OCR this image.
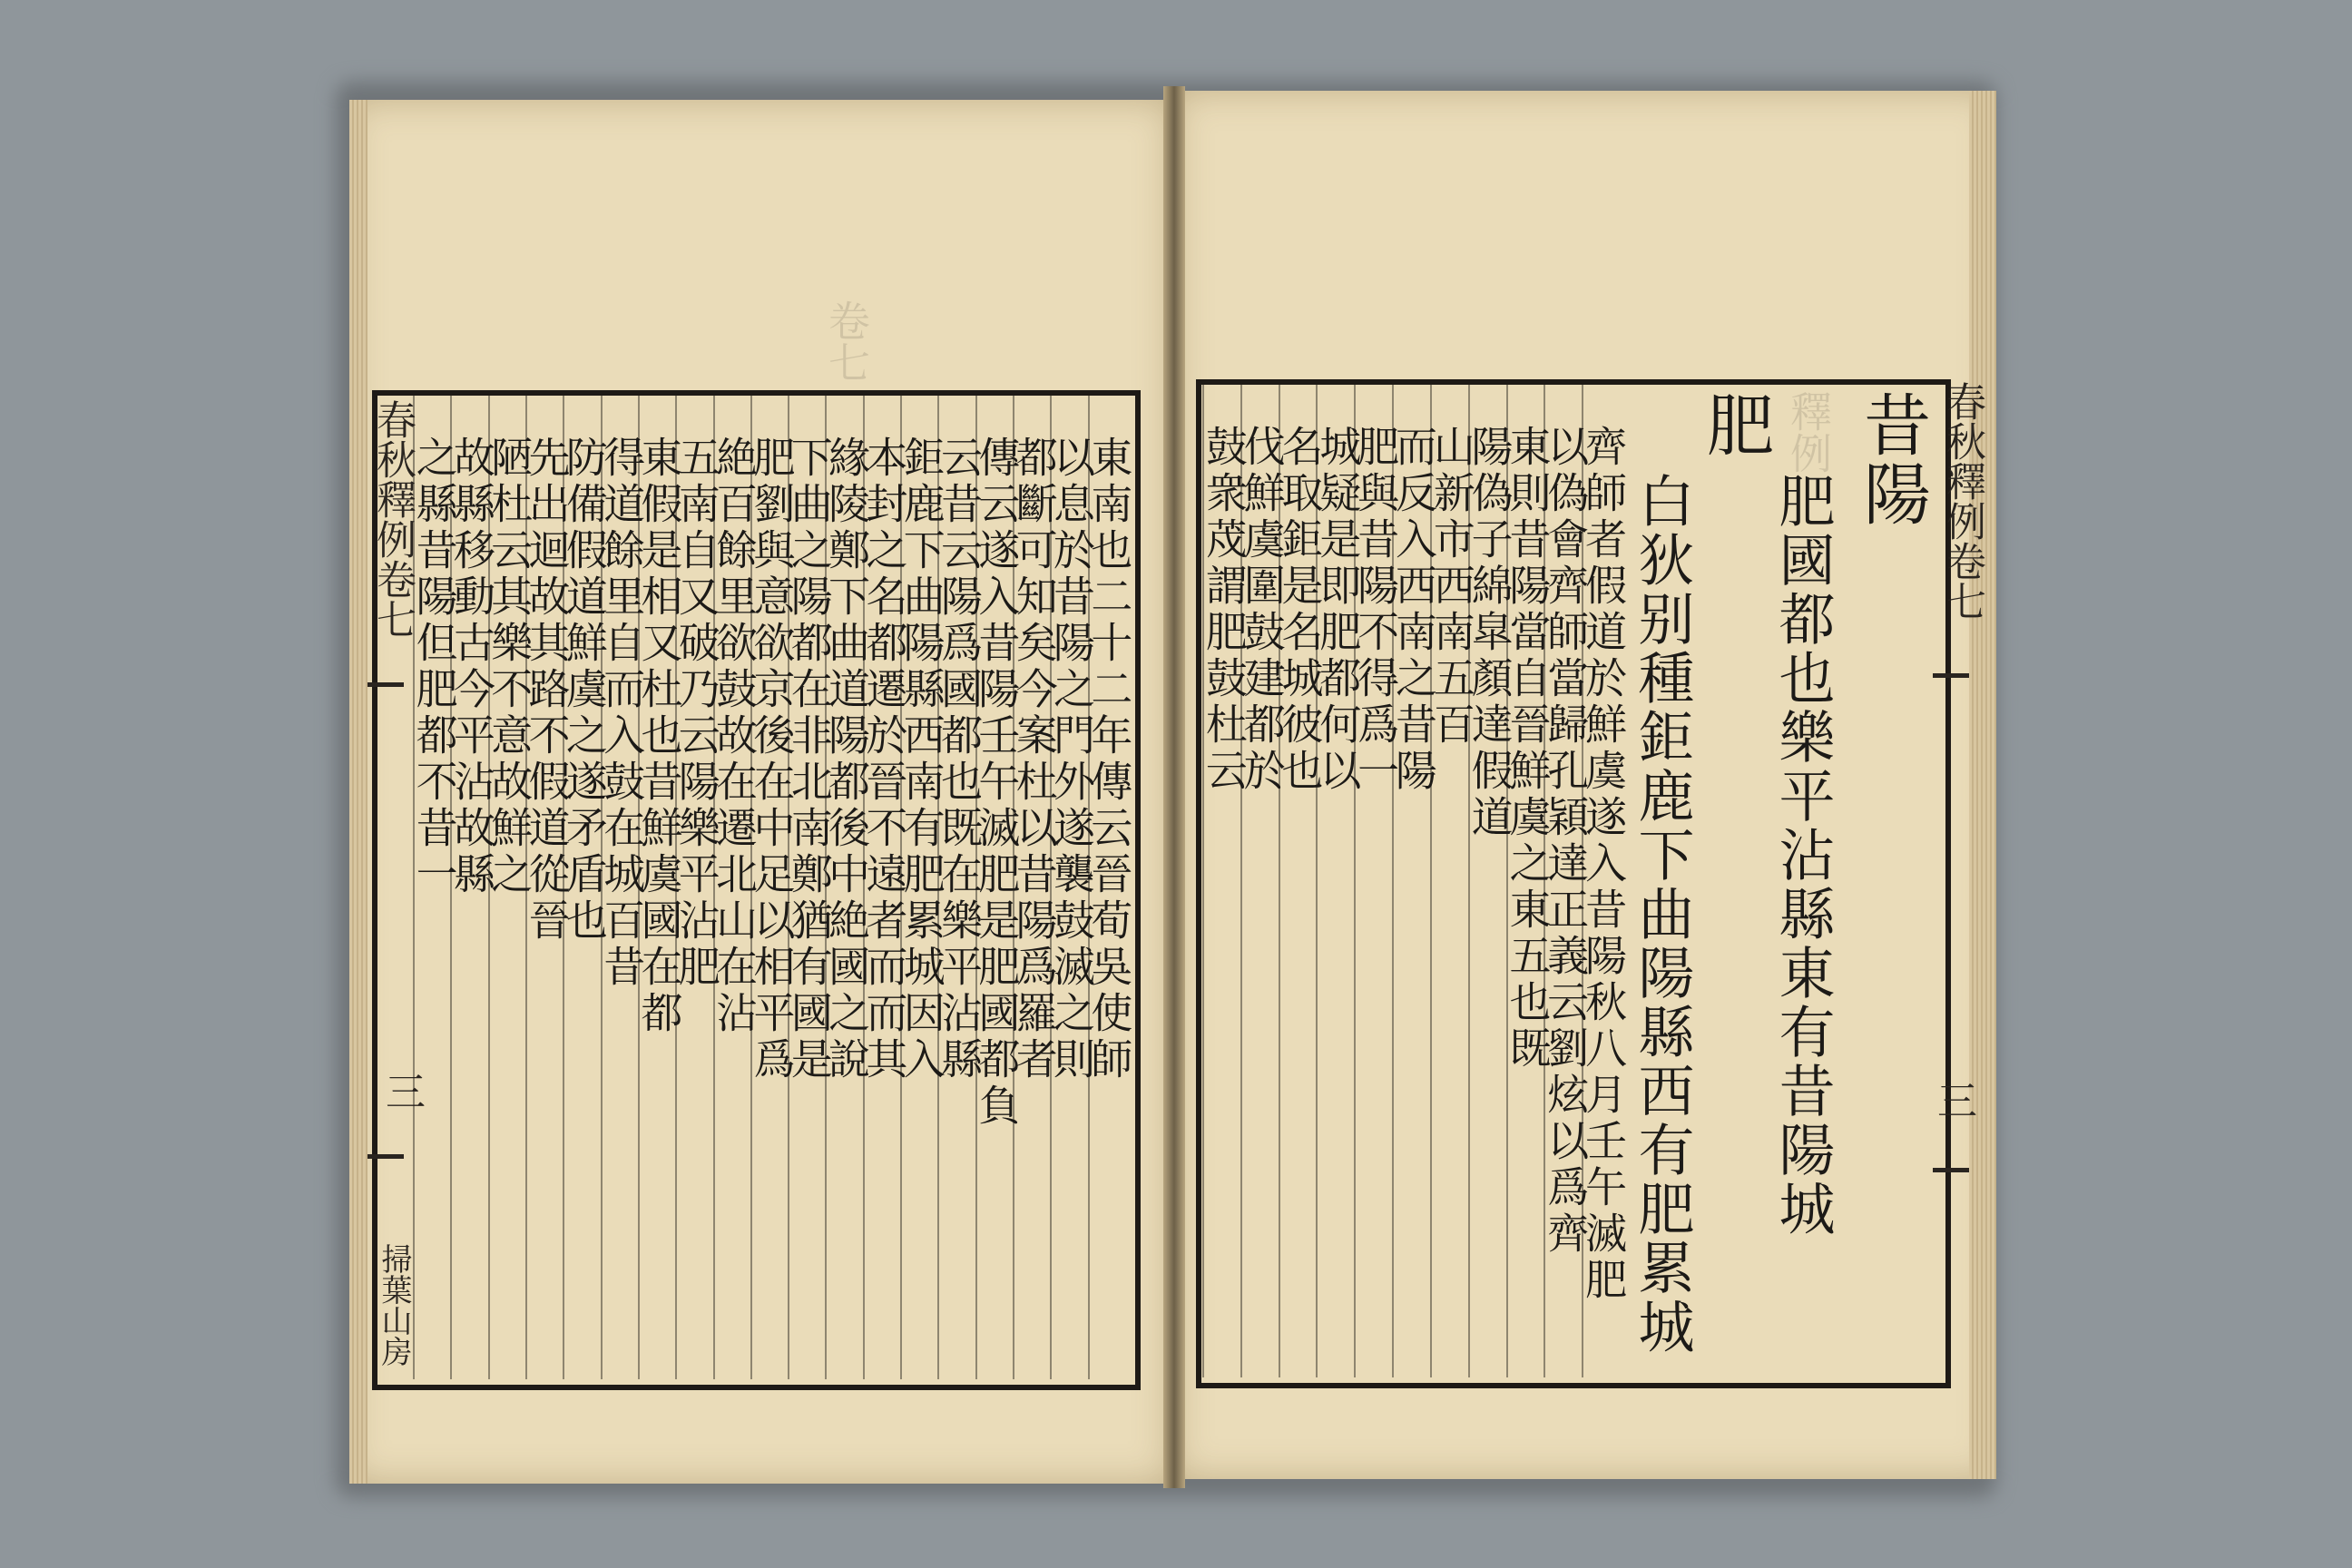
卷七
釋例
春秋釋例卷七
三
掃葉山房
東南也二十二年傳云晉荀吳使師
以息於昔陽之門外遂襲鼓滅之則
都斷可知矣今案杜以昔陽爲羅者
傳云遂入昔陽壬午滅肥是肥國都負
云昔云陽爲國都也既在樂平沾縣
鉅鹿下曲陽縣西南有肥累城因入
本封之名都遷於晉不遠者而而其
緣陵鄭下曲道陽都後中絶國之說
下曲之陽都在非北南鄭猶有國是
肥劉與意欲京後在中足以相平爲
絶百餘里欲鼓故在遷北山在沾
五南自又破乃云陽樂平沾肥
東假是相又杜也昔鮮虞國在都
得道餘里自而入鼓在城百昔
防備假道鮮虞之遂矛盾也
先出迴故其路不假道從晉
陋杜云其樂不意故鮮之
故縣移動古今平沾故縣
之縣昔陽但肥都不昔一	春秋釋例卷七
三
昔陽
肥國都也樂平沾縣東有昔陽城
肥
白狄别種鉅鹿下曲陽縣西有肥累城
齊師者假道於鮮虞遂入昔陽秋八月壬午滅肥
以偽會齊師當歸孔穎達正義云劉炫以爲齊
東則昔陽當自晉鮮虞之東五也既
陽偽子綿皐顏達假道
山新市西南五百
而反入西南之昔陽
肥與昔陽不得爲一
城疑是即肥都何以
名取鉅是名城彼也
伐鮮虞圍鼓建都於
鼓衆荗謂肥鼓杜云
